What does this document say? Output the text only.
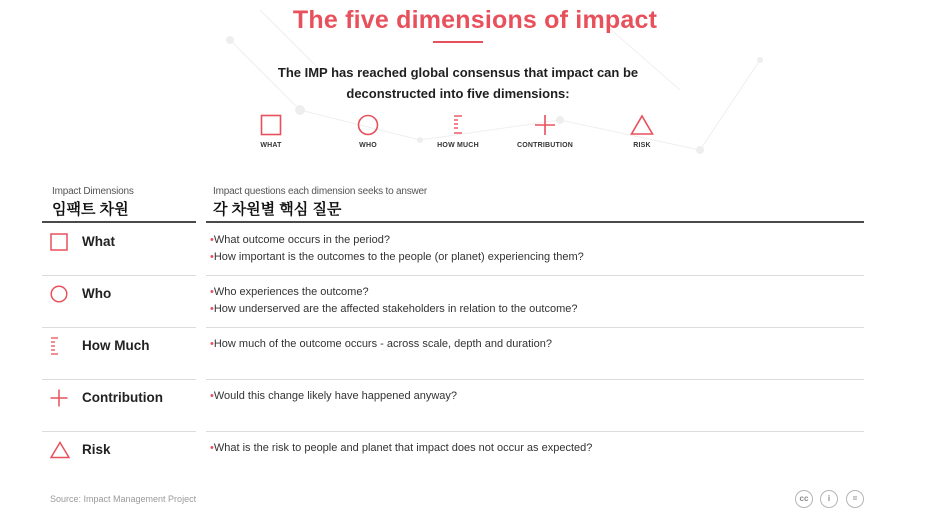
The five dimensions of impact
The IMP has reached global consensus that impact can be
deconstructed into five dimensions:
WHAT	WHO	HOW MUCH	CONTRIBUTION	RISK
Impact Dimensions
임팩트 차원
Impact questions each dimension seeks to answer
각 차원별 핵심 질문
What	•What outcome occurs in the period?
•How important is the outcomes to the people (or planet) experiencing them?
Who	•Who experiences the outcome?
•How underserved are the affected stakeholders in relation to the outcome?
How Much	•How much of the outcome occurs - across scale, depth and duration?
Contribution	•Would this change likely have happened anyway?
Risk	•What is the risk to people and planet that impact does not occur as expected?
Source: Impact Management Project	cc	i	=
